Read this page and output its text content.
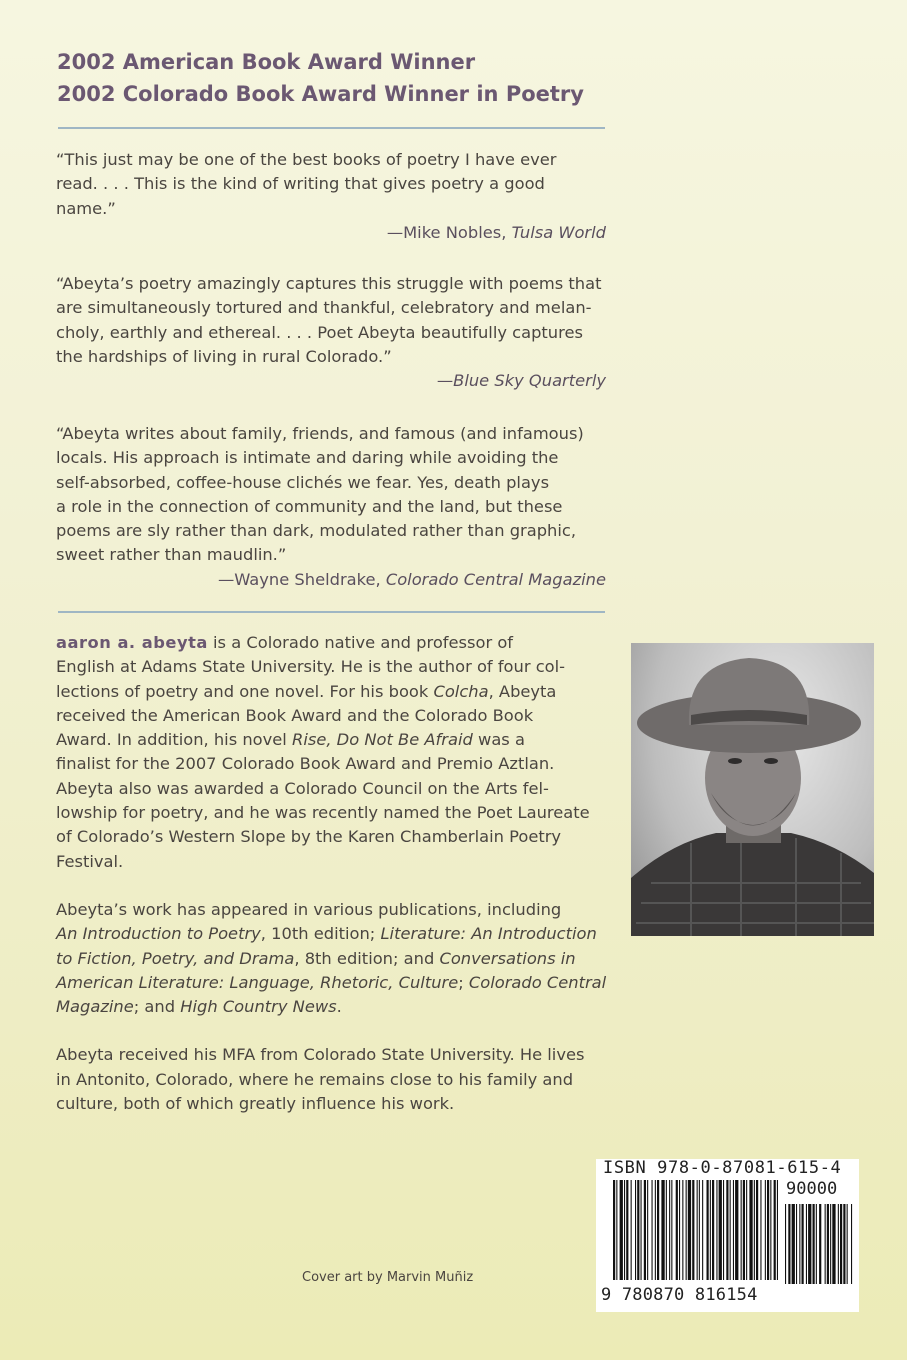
2002 American Book Award Winner
2002 Colorado Book Award Winner in Poetry

“This just may be one of the best books of poetry I have ever

read. . . . This is the kind of writing that gives poetry a good

name.”

—Mike Nobles, Tulsa World

“Abeyta’s poetry amazingly captures this struggle with poems that

are simultaneously tortured and thankful, celebratory and melan-

choly, earthly and ethereal. . . . Poet Abeyta beautifully captures

the hardships of living in rural Colorado.”

—Blue Sky Quarterly

“Abeyta writes about family, friends, and famous (and infamous)

locals. His approach is intimate and daring while avoiding the

self-absorbed, coffee-house clichés we fear. Yes, death plays

a role in the connection of community and the land, but these

poems are sly rather than dark, modulated rather than graphic,

sweet rather than maudlin.”

—Wayne Sheldrake, Colorado Central Magazine

aaron a. abeyta is a Colorado native and professor of

English at Adams State University. He is the author of four col-

lections of poetry and one novel. For his book Colcha, Abeyta

received the American Book Award and the Colorado Book

Award. In addition, his novel Rise, Do Not Be Afraid was a

finalist for the 2007 Colorado Book Award and Premio Aztlan.

Abeyta also was awarded a Colorado Council on the Arts fel-

lowship for poetry, and he was recently named the Poet Laureate

of Colorado’s Western Slope by the Karen Chamberlain Poetry

Festival.

Abeyta’s work has appeared in various publications, including

An Introduction to Poetry, 10th edition; Literature: An Introduction

to Fiction, Poetry, and Drama, 8th edition; and Conversations in

American Literature: Language, Rhetoric, Culture; Colorado Central

Magazine; and High Country News.

Abeyta received his MFA from Colorado State University. He lives

in Antonito, Colorado, where he remains close to his family and

culture, both of which greatly influence his work.

ISBN 978-0-87081-615-4
90000
9 780870 816154
Cover art by Marvin Muñiz
